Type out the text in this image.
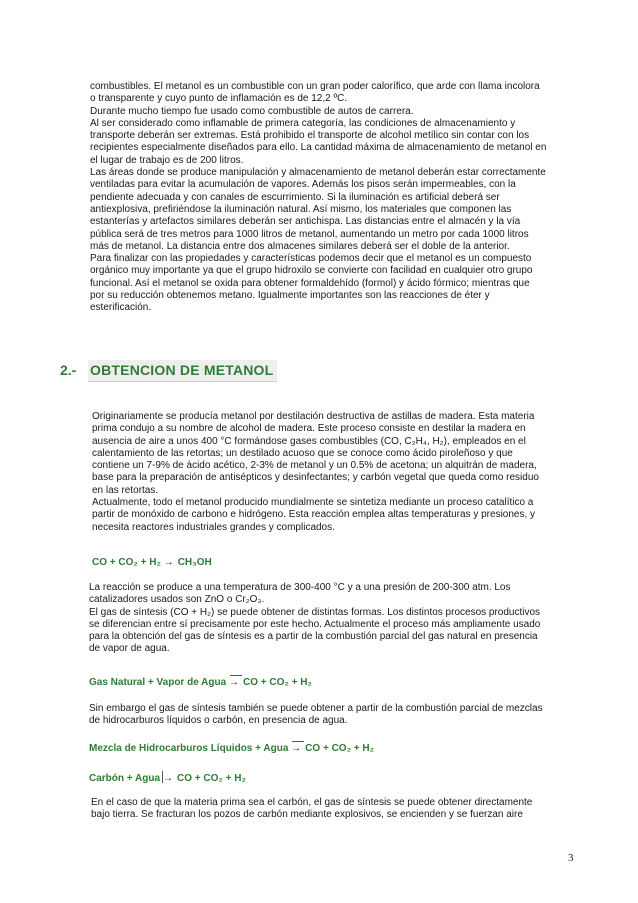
combustibles. El metanol es un combustible con un gran poder calorífico, que arde con llama incolora

o transparente y cuyo punto de inflamación es de 12,2 ºC.

Durante mucho tiempo fue usado como combustible de autos de carrera.

Al ser considerado como inflamable de primera categoría, las condiciones de almacenamiento y

transporte deberán ser extremas. Está prohibido el transporte de alcohol metílico sin contar con los

recipientes especialmente diseñados para ello. La cantidad máxima de almacenamiento de metanol en

el lugar de trabajo es de 200 litros.

Las áreas donde se produce manipulación y almacenamiento de metanol deberán estar correctamente

ventiladas para evitar la acumulación de vapores. Además los pisos serán impermeables, con la

pendiente adecuada y con canales de escurrimiento. Si la iluminación es artificial deberá ser

antiexplosiva, prefiriéndose la iluminación natural. Así mismo, los materiales que componen las

estanterías y artefactos similares deberán ser antichispa. Las distancias entre el almacén y la vía

pública será de tres metros para 1000 litros de metanol, aumentando un metro por cada 1000 litros

más de metanol. La distancia entre dos almacenes similares deberá ser el doble de la anterior.

Para finalizar con las propiedades y características podemos decir que el metanol es un compuesto

orgánico muy importante ya que el grupo hidroxilo se convierte con facilidad en cualquier otro grupo

funcional. Así el metanol se oxida para obtener formaldehído (formol) y ácido fórmico; mientras que

por su reducción obtenemos metano. Igualmente importantes son las reacciones de éter y

esterificación.

2.- OBTENCION DE METANOL

Originariamente se producía metanol por destilación destructiva de astillas de madera. Esta materia

prima condujo a su nombre de alcohol de madera. Este proceso consiste en destilar la madera en

ausencia de aire a unos 400 °C formándose gases combustibles (CO, C₂H₄, H₂), empleados en el

calentamiento de las retortas; un destilado acuoso que se conoce como ácido piroleñoso y que

contiene un 7-9% de ácido acético, 2-3% de metanol y un 0.5% de acetona; un alquitrán de madera,

base para la preparación de antisépticos y desinfectantes; y carbón vegetal que queda como residuo

en las retortas.

Actualmente, todo el metanol producido mundialmente se sintetiza mediante un proceso catalítico a

partir de monóxido de carbono e hidrógeno. Esta reacción emplea altas temperaturas y presiones, y

necesita reactores industriales grandes y complicados.

CO + CO₂ + H₂ → CH₃OH

La reacción se produce a una temperatura de 300-400 °C y a una presión de 200-300 atm. Los

catalizadores usados son ZnO o Cr₂O₃.

El gas de síntesis (CO + H₂) se puede obtener de distintas formas. Los distintos procesos productivos

se diferencian entre sí precisamente por este hecho. Actualmente el proceso más ampliamente usado

para la obtención del gas de síntesis es a partir de la combustión parcial del gas natural en presencia

de vapor de agua.

Gas Natural + Vapor de Agua → CO + CO₂ + H₂

Sin embargo el gas de síntesis también se puede obtener a partir de la combustión parcial de mezclas

de hidrocarburos líquidos o carbón, en presencia de agua.

Mezcla de Hidrocarburos Líquidos + Agua → CO + CO₂ + H₂
Carbón + Agua → CO + CO₂ + H₂

En el caso de que la materia prima sea el carbón, el gas de síntesis se puede obtener directamente

bajo tierra. Se fracturan los pozos de carbón mediante explosivos, se encienden y se fuerzan aire

3
